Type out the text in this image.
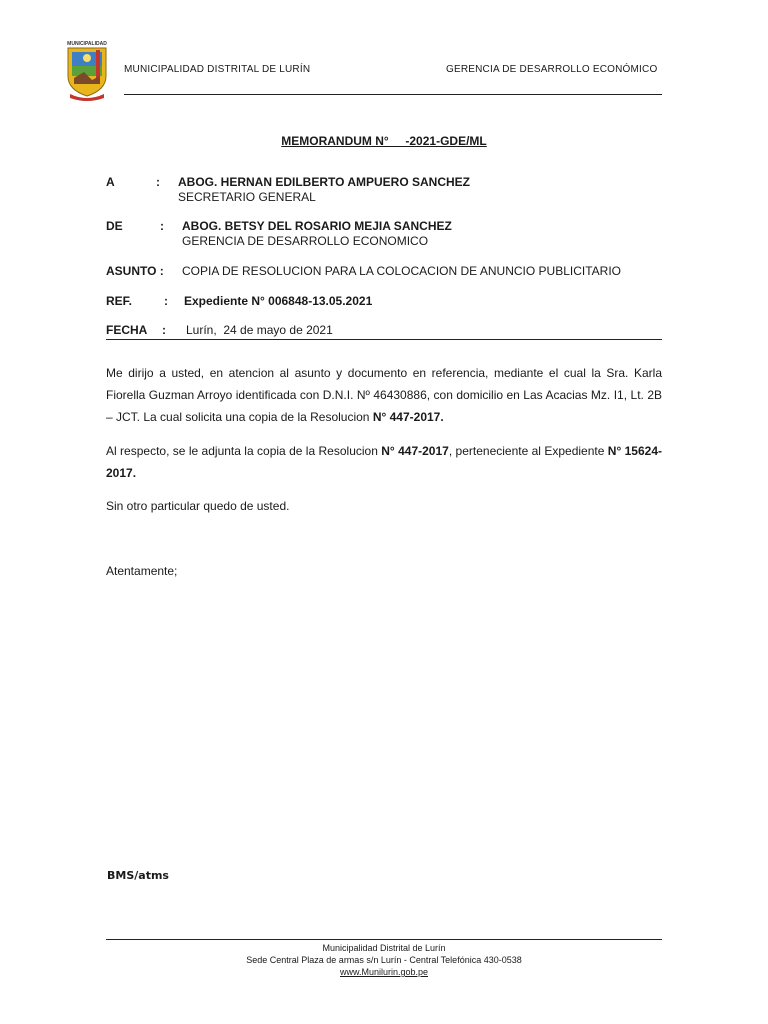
MUNICIPALIDAD
MUNICIPALIDAD DISTRITAL DE LURÍN	GERENCIA DE DESARROLLO ECONÓMICO
MEMORANDUM N°     -2021-GDE/ML
A	: ABOG. HERNAN EDILBERTO AMPUERO SANCHEZ
SECRETARIO GENERAL
DE	: ABOG. BETSY DEL ROSARIO MEJIA SANCHEZ
GERENCIA DE DESARROLLO ECONOMICO
ASUNTO : COPIA DE RESOLUCION PARA LA COLOCACION DE ANUNCIO PUBLICITARIO
REF.	: Expediente N° 006848-13.05.2021
FECHA : Lurín,  24 de mayo de 2021
Me dirijo a usted, en atencion al asunto y documento en referencia, mediante el cual la Sra. Karla Fiorella Guzman Arroyo identificada con D.N.I. Nº 46430886, con domicilio en Las Acacias Mz. I1, Lt. 2B – JCT. La cual solicita una copia de la Resolucion N° 447-2017.
Al respecto, se le adjunta la copia de la Resolucion N° 447-2017, perteneciente al Expediente N° 15624-2017.
Sin otro particular quedo de usted.
Atentamente;
BMS/atms
Municipalidad Distrital de Lurín
Sede Central Plaza de armas s/n Lurín - Central Telefónica 430-0538
www.Munilurin.gob.pe
